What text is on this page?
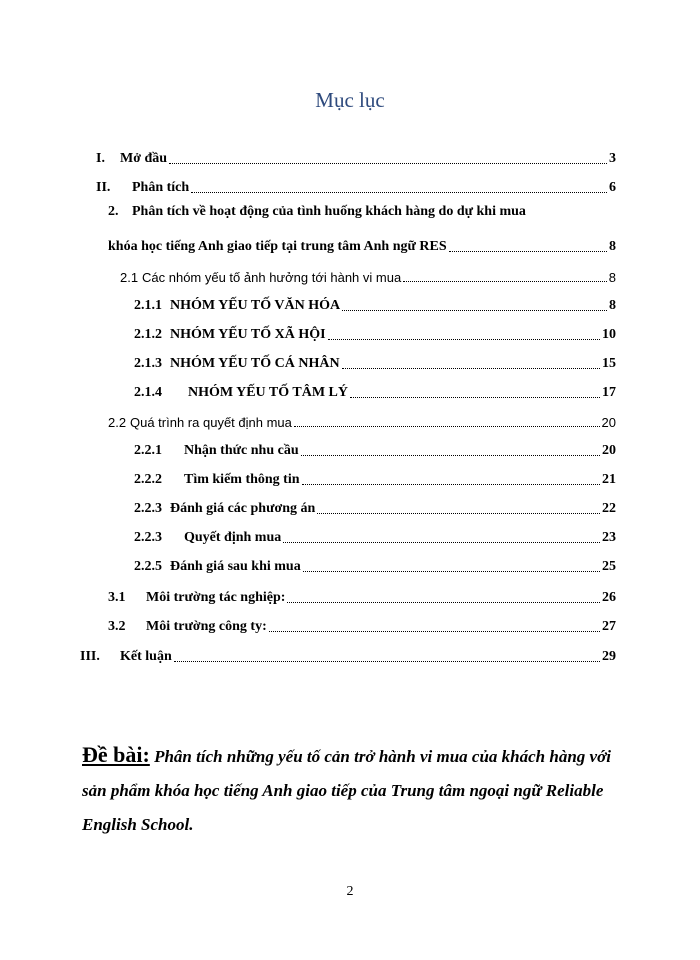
Mục lục
I.	Mở đầu	3
II.	Phân tích	6
2. Phân tích về hoạt động của tình huống khách hàng do dự khi mua
khóa học tiếng Anh giao tiếp tại trung tâm Anh ngữ RES	8
2.1 Các nhóm yếu tố ảnh hưởng tới hành vi mua	8
2.1.1 NHÓM YẾU TỐ VĂN HÓA	8
2.1.2 NHÓM YẾU TỐ XÃ HỘI	10
2.1.3 NHÓM YẾU TỐ CÁ NHÂN	15
2.1.4	NHÓM YẾU TỐ TÂM LÝ	17
2.2 Quá trình ra quyết định mua	20
2.2.1	Nhận thức nhu cầu	20
2.2.2	Tìm kiếm thông tin	21
2.2.3 Đánh giá các phương án	22
2.2.3	Quyết định mua	23
2.2.5 Đánh giá sau khi mua	25
3.1	Môi trường tác nghiệp:	26
3.2	Môi trường công ty:	27
III.	Kết luận	29
Đề bài: Phân tích những yếu tố cản trở hành vi mua của khách hàng với sản phẩm khóa học tiếng Anh giao tiếp của Trung tâm ngoại ngữ Reliable English School.
2
